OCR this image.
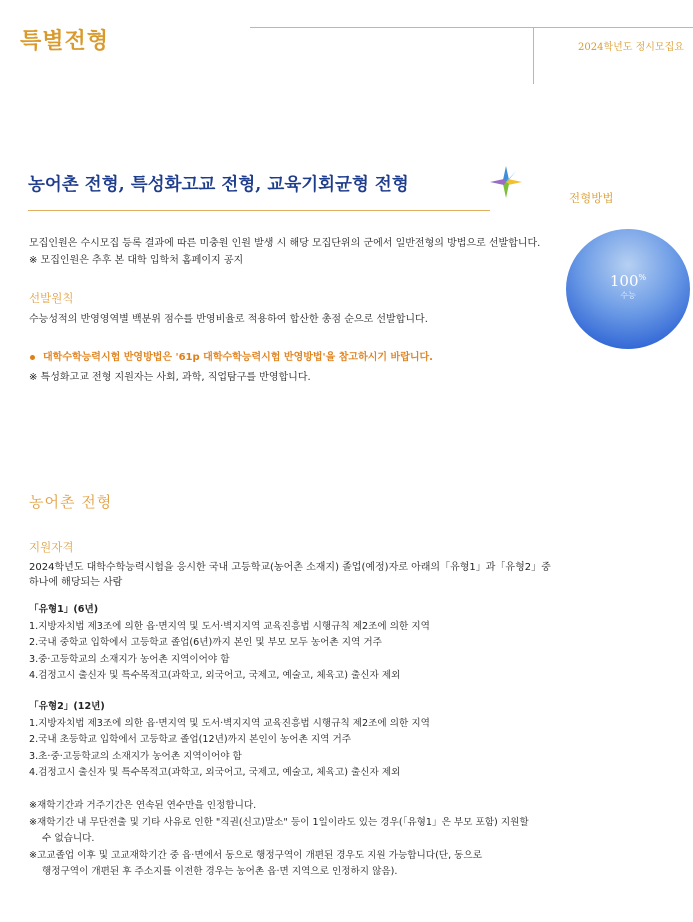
특별전형	2024학년도 정시모집요
농어촌 전형, 특성화고교 전형, 교육기회균형 전형
전형방법
100%
수능
모집인원은 수시모집 등록 결과에 따른 미충원 인원 발생 시 해당 모집단위의 군에서 일반전형의 방법으로 선발합니다.
※ 모집인원은 추후 본 대학 입학처 홈페이지 공지
선발원칙
수능성적의 반영영역별 백분위 점수를 반영비율로 적용하여 합산한 총점 순으로 선발합니다.
대학수학능력시험 반영방법은 '61p 대학수학능력시험 반영방법'을 참고하시기 바랍니다.
※ 특성화고교 전형 지원자는 사회, 과학, 직업탐구를 반영합니다.
농어촌 전형
지원자격
2024학년도 대학수학능력시험을 응시한 국내 고등학교(농어촌 소재지) 졸업(예정)자로 아래의「유형1」과「유형2」중
하나에 해당되는 사람
「유형1」(6년)
1.지방자치법 제3조에 의한 읍·면지역 및 도서·벽지지역 교육진흥법 시행규칙 제2조에 의한 지역
2.국내 중학교 입학에서 고등학교 졸업(6년)까지 본인 및 부모 모두 농어촌 지역 거주
3.중·고등학교의 소재지가 농어촌 지역이어야 함
4.검정고시 출신자 및 특수목적고(과학고, 외국어고, 국제고, 예술고, 체육고) 출신자 제외
「유형2」(12년)
1.지방자치법 제3조에 의한 읍·면지역 및 도서·벽지지역 교육진흥법 시행규칙 제2조에 의한 지역
2.국내 초등학교 입학에서 고등학교 졸업(12년)까지 본인이 농어촌 지역 거주
3.초·중·고등학교의 소재지가 농어촌 지역이어야 함
4.검정고시 출신자 및 특수목적고(과학고, 외국어고, 국제고, 예술고, 체육고) 출신자 제외
※재학기간과 거주기간은 연속된 연수만을 인정합니다.
※재학기간 내 무단전출 및 기타 사유로 인한 "직권(신고)말소" 등이 1일이라도 있는 경우(「유형1」은 부모 포함) 지원할
수 없습니다.
※고교졸업 이후 및 고교재학기간 중 읍·면에서 동으로 행정구역이 개편된 경우도 지원 가능합니다(단, 동으로
행정구역이 개편된 후 주소지를 이전한 경우는 농어촌 읍·면 지역으로 인정하지 않음).
